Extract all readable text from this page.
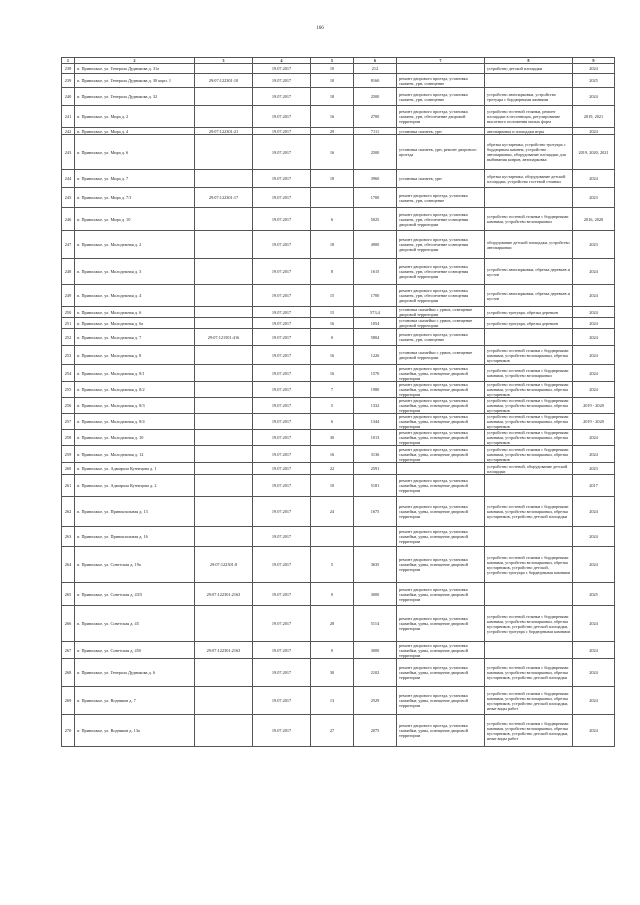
166
1	2	3	4	5	6	7	8	9
238	п. Приволжье, ул. Генерала Дудникова д. 31а		19.07.2017	10	212		устройство детской площадки	2024
239	п. Приволжье, ул. Генерала Дудникова д. 30 корп. 1	29:07:122301:10	19.07.2017	10	8160	ремонт дворового проезда, установка скамеек, урн, освещение		2025
240	п. Приволжье, ул. Генерала Дудникова д. 32		19.07.2017	18	2500	ремонт дворового проезда, установка скамеек, урн, освещение	устройство автопарковки, устройство тротуара с бордюрными камнями	2024
241	п. Приволжье, ул. Мира д. 2		19.07.2017	16	2700	ремонт дворового проезда, установка скамеек, урн, обеспечение дворовой территории	устройство гостевой стоянки, ремонт площадки в песочницах, регулирование высотного положения малых форм	2019, 2021
242	п. Приволжье, ул. Мира д. 4	29:07:122301:21	19.07.2017	29	7111	установка скамеек, урн	автопарковка и площадки игры	2024
243	п. Приволжье, ул. Мира д. 6		19.07.2017	16	2500	установка скамеек, урн, ремонт дворового проезда	обрезка кустарника, устройство тротуара с бордюрным камнем, устройство автопарковки, оборудование площадки для выбивания ковров, автопарковка	2019, 2020, 2021
244	п. Приволжье, ул. Мира д. 7		19.07.2017	18	3960	установка скамеек, урн	обрезка кустарника, оборудование детской площадки, устройство гостевой стоянки	2024
245	п. Приволжье, ул. Мира д. 7/1	29:07:122301:17	19.07.2017		1700	ремонт дворового проезда, установка скамеек, урн, освещение		2023
246	п. Приволжье, ул. Мира д. 10		19.07.2017	6	5025	ремонт дворового проезда, установка скамеек, урн, обеспечение освещения дворовой территории	устройство гостевой стоянки с бордюрными камнями, устройство велопарковки	2016, 2020
247	п. Приволжье, ул. Молодежная д. 2		19.07.2017	18	4900	ремонт дворового проезда, установка скамеек, урн, обеспечение освещения дворовой территории	оборудование детской площадки, устройство автопарковки	2023
248	п. Приволжье, ул. Молодежная д. 3		19.07.2017	8	1615	ремонт дворового проезда, установка скамеек, урн, обеспечение освещения дворовой территории	устройство автопарковки, обрезка деревьев и кустов	2024
249	п. Приволжье, ул. Молодежная д. 4		19.07.2017	15	1700	ремонт дворового проезда, установка скамеек, урн, обеспечение освещения дворовой территории	устройство автопарковки, обрезка деревьев и кустов	2024
250	п. Приволжье, ул. Молодежная д. 6		19.07.2017	15	573,4	установка скамейки с урнов, освещение дворовой территории	устройство тротуара, обрезка деревьев	2024
251	п. Приволжье, ул. Молодежная д. 6а		19.07.2017	16	1054	установка скамейки с урнов, освещение дворовой территории	устройство тротуара, обрезка деревьев	2024
252	п. Приволжье, ул. Молодежная д. 7	29:07:121501:416	19.07.2017	0	5804	ремонт дворового проезда, установка скамеек, урн, освещение		2024
253	п. Приволжье, ул. Молодежная д. 8		19.07.2017	16	1226	установка скамейки с урнов, освещение дворовой территории	устройство гостевой стоянки с бордюрными камнями, устройство велопарковки, обрезка кустарников	2024
254	п. Приволжье, ул. Молодежная д. 8/1		19.07.2017	16	1570	ремонт дворового проезда, установка скамейки, урны, освещение дворовой территории	устройство гостевой стоянки с бордюрными камнями, устройство велопарковки	2024
255	п. Приволжье, ул. Молодежная д. 8/2		19.07.2017	7	1980	ремонт дворового проезда, установка скамейки, урны, освещение дворовой территории	устройство гостевой стоянки с бордюрными камнями, устройство велопарковки, обрезка кустарников	2024
256	п. Приволжье, ул. Молодежная д. 8/3		19.07.2017	5	1332	ремонт дворового проезда, установка скамейки, урны, освещение дворовой территории	устройство гостевой стоянки с бордюрными камнями, устройство велопарковки, обрезка кустарников	2019 - 2020
257	п. Приволжье, ул. Молодежная д. 8/4		19.07.2017	6	1344	ремонт дворового проезда, установка скамейки, урны, освещение дворовой территории	устройство гостевой стоянки с бордюрными камнями, устройство велопарковки, обрезка кустарников	2019 - 2020
258	п. Приволжье, ул. Молодежная д. 10		19.07.2017	30	1013	ремонт дворового проезда, установка скамейки, урны, освещение дворовой территории	устройство гостевой стоянки с бордюрными камнями, устройство велопарковки, обрезка кустарников	2024
259	п. Приволжье, ул. Молодежная д. 12		19.07.2017	16	3136	ремонт дворового проезда, установка скамейки, урны, освещение дворовой территории	устройство гостевой стоянки с бордюрными камнями, устройство велопарковки, обрезка кустарников	2024
260	п. Приволжье, ул. Адмирала Кузнецова д. 1		19.07.2017	22	2591		устройство гостевой, оборудование детской площадки	2023
261	п. Приволжье, ул. Адмирала Кузнецова д. 2		19.07.2017	10	5181	ремонт дворового проезда, установка скамейки, урны, освещение дворовой территории		2017
262	п. Приволжье, ул. Привокзальная д. 13		19.07.2017	24	1675	ремонт дворового проезда, установка скамейки, урны, освещение дворовой территории	устройство гостевой стоянки с бордюрными камнями, устройство велопарковки, обрезка кустарников, устройство детской площадки	2024
263	п. Приволжье, ул. Привокзальная д. 16		19.07.2017			ремонт дворового проезда, установка скамейки, урны, освещение дворовой территории		2024
264	п. Приволжье, ул. Советская д. 19а	29:07:122301:8	19.07.2017	5	3635	ремонт дворового проезда, установка скамейки, урны, освещение дворовой территории	устройство гостевой стоянки с бордюрными камнями, устройство велопарковки, обрезка кустарников, устройство детской, устройство тротуара с бордюрными камнями	2024
265	п. Приволжье, ул. Советская д. 43/5	29:07:122301:2163	19.07.2017	0	3000	ремонт дворового проезда, установка скамейки, урны, освещение дворовой территории		2025
266	п. Приволжье, ул. Советская д. 45		19.07.2017	28	5114	ремонт дворового проезда, установка скамейки, урны, освещение дворовой территории	устройство гостевой стоянки с бордюрными камнями, устройство велопарковки, обрезка кустарников, устройство детской площадки, устройство тротуара с бордюрными камнями	2024
267	п. Приволжье, ул. Советская д. 45б	29:07:122301:2163	19.07.2017	0	3000	ремонт дворового проезда, установка скамейки, урны, освещение дворовой территории		2024
268	п. Приволжье, ул. Генерала Дудникова д. 6		19.07.2017	30	2102	ремонт дворового проезда, установка скамейки, урны, освещение дворовой территории	устройство гостевой стоянки с бордюрными камнями, устройство велопарковки, обрезка кустарников, устройство детской площадки	2024
269	п. Приволжье, ул. Водников д. 7		19.07.2017	13	2529	ремонт дворового проезда, установка скамейки, урны, освещение дворовой территории	устройство гостевой стоянки с бордюрными камнями, устройство велопарковки, обрезка кустарников, устройство детской площадки, иные виды работ	2024
270	п. Приволжье, ул. Водников д. 13а		19.07.2017	27	2075	ремонт дворового проезда, установка скамейки, урны, освещение дворовой территории	устройство гостевой стоянки с бордюрными камнями, устройство велопарковки, обрезка кустарников, устройство детской площадки, иные виды работ	2024
